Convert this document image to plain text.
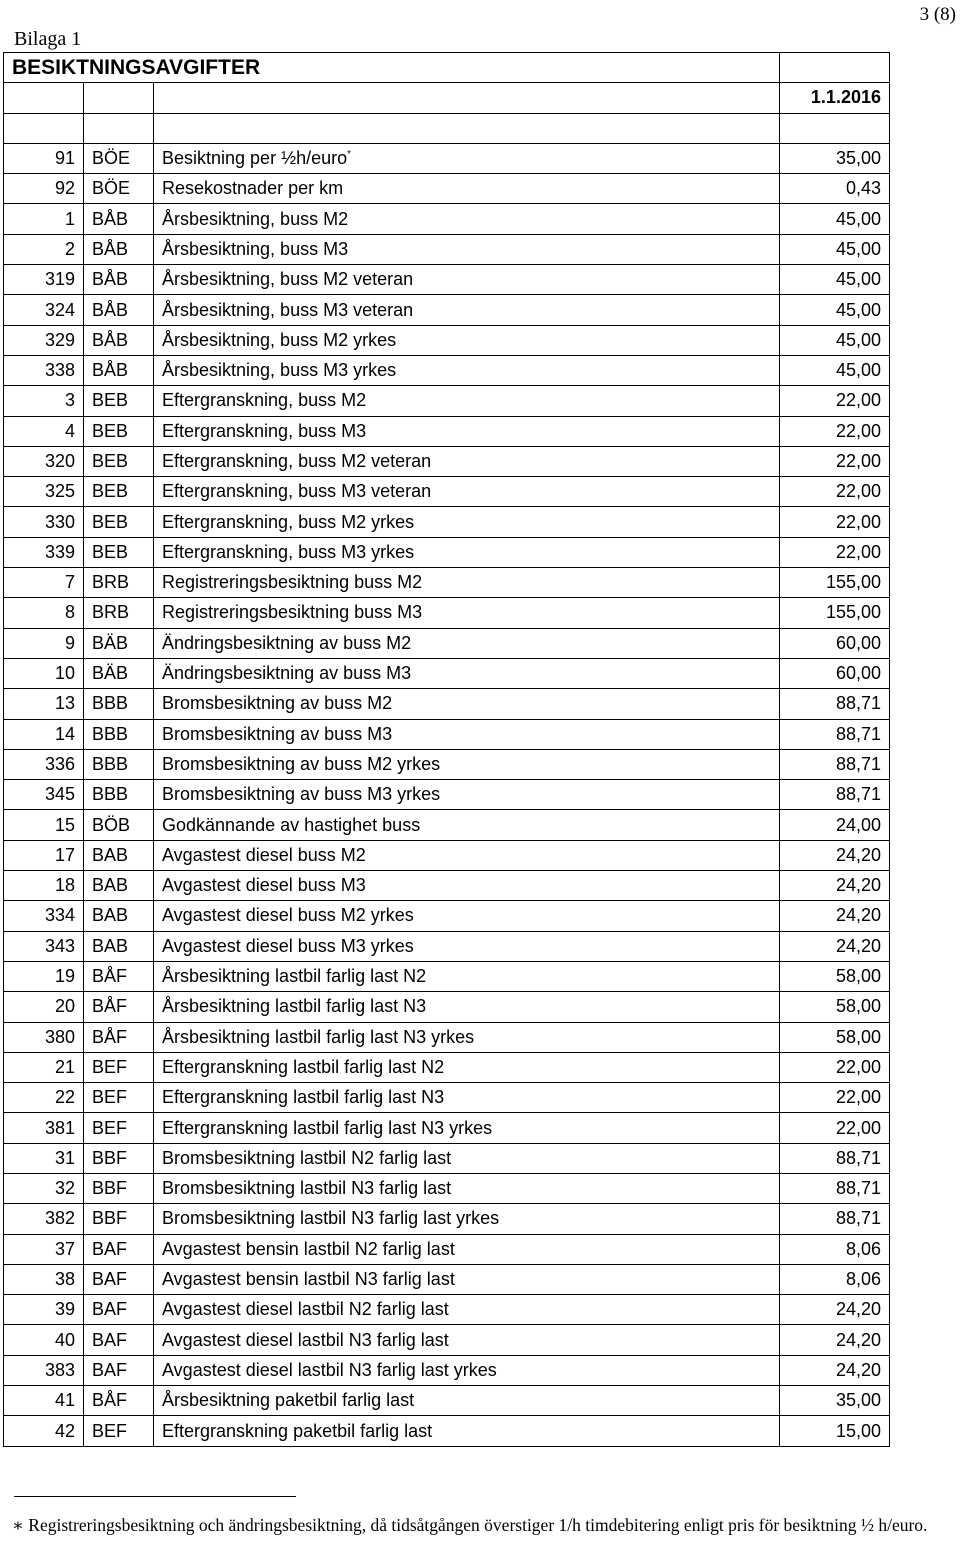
3 (8)
Bilaga 1
BESIKTNINGSAVGIFTER			
			1.1.2016

91	BÖE	Besiktning per ½h/euro*	35,00
92	BÖE	Resekostnader per km	0,43
1	BÅB	Årsbesiktning, buss M2	45,00
2	BÅB	Årsbesiktning, buss M3	45,00
319	BÅB	Årsbesiktning, buss M2 veteran	45,00
324	BÅB	Årsbesiktning, buss M3 veteran	45,00
329	BÅB	Årsbesiktning, buss M2 yrkes	45,00
338	BÅB	Årsbesiktning, buss M3 yrkes	45,00
3	BEB	Eftergranskning, buss M2	22,00
4	BEB	Eftergranskning, buss M3	22,00
320	BEB	Eftergranskning, buss M2 veteran	22,00
325	BEB	Eftergranskning, buss M3 veteran	22,00
330	BEB	Eftergranskning, buss M2 yrkes	22,00
339	BEB	Eftergranskning, buss M3 yrkes	22,00
7	BRB	Registreringsbesiktning buss M2	155,00
8	BRB	Registreringsbesiktning buss M3	155,00
9	BÄB	Ändringsbesiktning av buss M2	60,00
10	BÄB	Ändringsbesiktning av buss M3	60,00
13	BBB	Bromsbesiktning av buss M2	88,71
14	BBB	Bromsbesiktning av buss M3	88,71
336	BBB	Bromsbesiktning av buss M2 yrkes	88,71
345	BBB	Bromsbesiktning av buss M3 yrkes	88,71
15	BÖB	Godkännande av hastighet buss	24,00
17	BAB	Avgastest diesel buss M2	24,20
18	BAB	Avgastest diesel buss M3	24,20
334	BAB	Avgastest diesel buss M2 yrkes	24,20
343	BAB	Avgastest diesel buss M3 yrkes	24,20
19	BÅF	Årsbesiktning lastbil farlig last N2	58,00
20	BÅF	Årsbesiktning lastbil farlig last N3	58,00
380	BÅF	Årsbesiktning lastbil farlig last N3 yrkes	58,00
21	BEF	Eftergranskning lastbil farlig last N2	22,00
22	BEF	Eftergranskning lastbil farlig last N3	22,00
381	BEF	Eftergranskning lastbil farlig last N3 yrkes	22,00
31	BBF	Bromsbesiktning lastbil N2 farlig last	88,71
32	BBF	Bromsbesiktning lastbil N3 farlig last	88,71
382	BBF	Bromsbesiktning lastbil N3 farlig last yrkes	88,71
37	BAF	Avgastest bensin lastbil N2 farlig last	8,06
38	BAF	Avgastest bensin lastbil N3 farlig last	8,06
39	BAF	Avgastest diesel lastbil N2 farlig last	24,20
40	BAF	Avgastest diesel lastbil N3 farlig last	24,20
383	BAF	Avgastest diesel lastbil N3 farlig last yrkes	24,20
41	BÅF	Årsbesiktning paketbil farlig last	35,00
42	BEF	Eftergranskning paketbil farlig last	15,00
∗ Registreringsbesiktning och ändringsbesiktning, då tidsåtgången överstiger 1/h timdebitering enligt pris för besiktning ½ h/euro.
